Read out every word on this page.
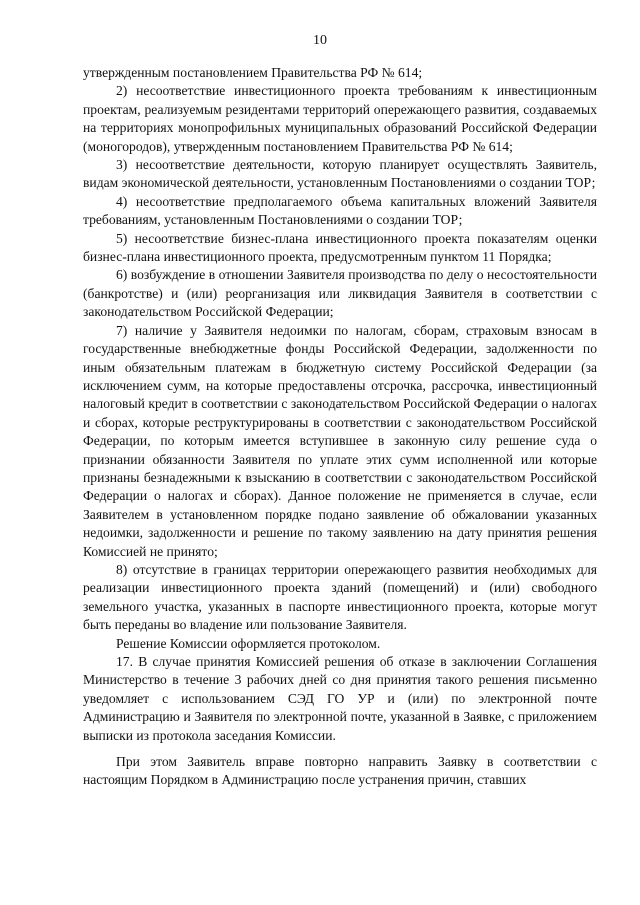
10

утвержденным постановлением Правительства РФ № 614;

2) несоответствие инвестиционного проекта требованиям к инвестиционным проектам, реализуемым резидентами территорий опережающего развития, создаваемых на территориях монопрофильных муниципальных образований Российской Федерации (моногородов), утвержденным постановлением Правительства РФ № 614;

3) несоответствие деятельности, которую планирует осуществлять Заявитель, видам экономической деятельности, установленным Постановлениями о создании ТОР;

4) несоответствие предполагаемого объема капитальных вложений Заявителя требованиям, установленным Постановлениями о создании ТОР;

5) несоответствие бизнес-плана инвестиционного проекта показателям оценки бизнес-плана инвестиционного проекта, предусмотренным пунктом 11 Порядка;

6) возбуждение в отношении Заявителя производства по делу о несостоятельности (банкротстве) и (или) реорганизация или ликвидация Заявителя в соответствии с законодательством Российской Федерации;

7) наличие у Заявителя недоимки по налогам, сборам, страховым взносам в государственные внебюджетные фонды Российской Федерации, задолженности по иным обязательным платежам в бюджетную систему Российской Федерации (за исключением сумм, на которые предоставлены отсрочка, рассрочка, инвестиционный налоговый кредит в соответствии с законодательством Российской Федерации о налогах и сборах, которые реструктурированы в соответствии с законодательством Российской Федерации, по которым имеется вступившее в законную силу решение суда о признании обязанности Заявителя по уплате этих сумм исполненной или которые признаны безнадежными к взысканию в соответствии с законодательством Российской Федерации о налогах и сборах). Данное положение не применяется в случае, если Заявителем в установленном порядке подано заявление об обжаловании указанных недоимки, задолженности и решение по такому заявлению на дату принятия решения Комиссией не принято;

8) отсутствие в границах территории опережающего развития необходимых для реализации инвестиционного проекта зданий (помещений) и (или) свободного земельного участка, указанных в паспорте инвестиционного проекта, которые могут быть переданы во владение или пользование Заявителя.

Решение Комиссии оформляется протоколом.

17. В случае принятия Комиссией решения об отказе в заключении Соглашения Министерство в течение 3 рабочих дней со дня принятия такого решения письменно уведомляет с использованием СЭД ГО УР и (или) по электронной почте Администрацию и Заявителя по электронной почте, указанной в Заявке, с приложением выписки из протокола заседания Комиссии.

При этом Заявитель вправе повторно направить Заявку в соответствии с настоящим Порядком в Администрацию после устранения причин, ставших
